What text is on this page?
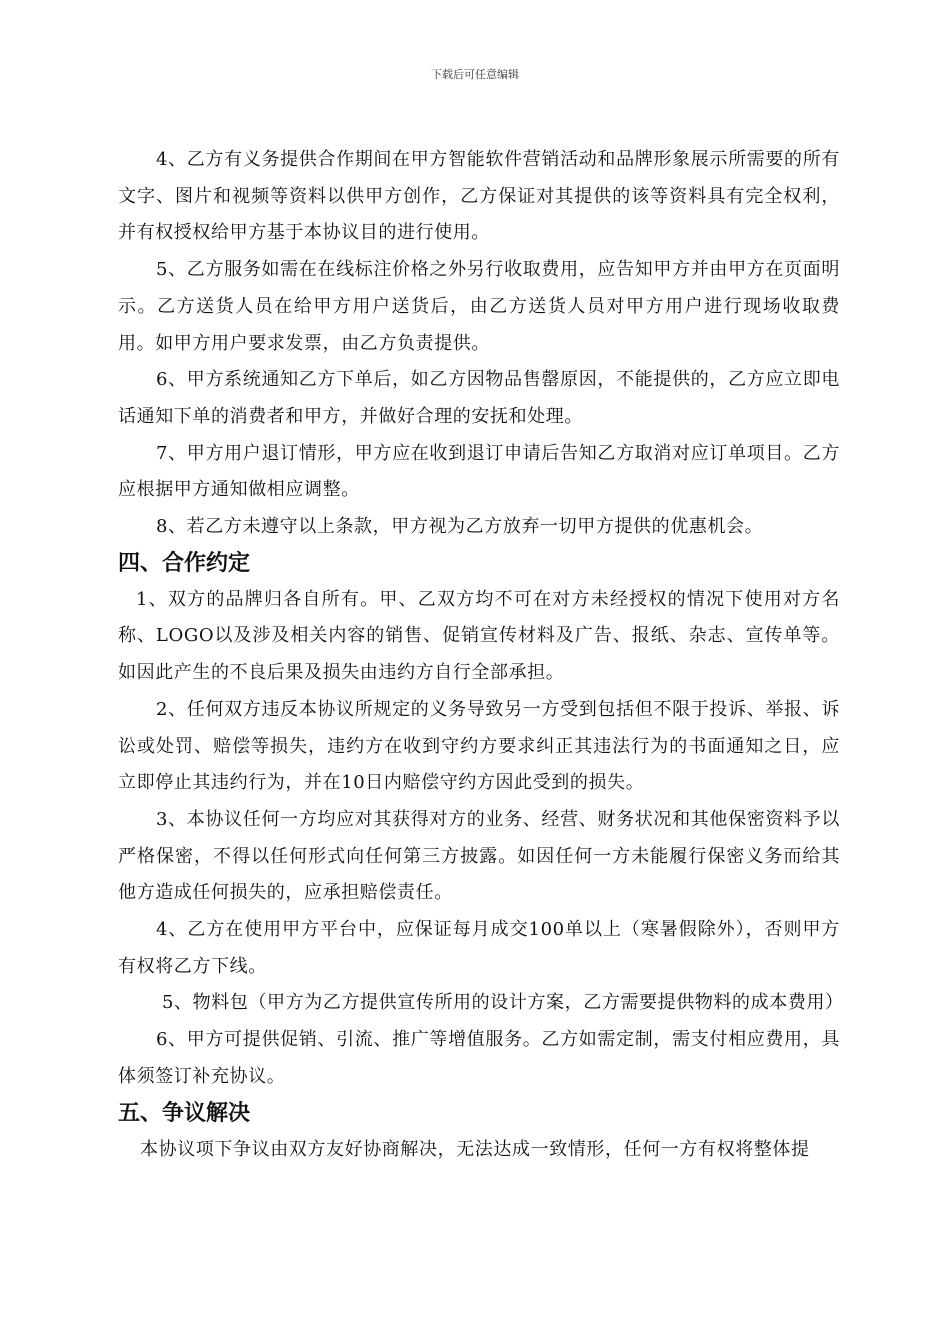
下载后可任意编辑

4、乙方有义务提供合作期间在甲方智能软件营销活动和品牌形象展示所需要的所有文字、图片和视频等资料以供甲方创作，乙方保证对其提供的该等资料具有完全权利，并有权授权给甲方基于本协议目的进行使用。

5、乙方服务如需在在线标注价格之外另行收取费用，应告知甲方并由甲方在页面明示。乙方送货人员在给甲方用户送货后，由乙方送货人员对甲方用户进行现场收取费用。如甲方用户要求发票，由乙方负责提供。

6、甲方系统通知乙方下单后，如乙方因物品售罄原因，不能提供的，乙方应立即电话通知下单的消费者和甲方，并做好合理的安抚和处理。

7、甲方用户退订情形，甲方应在收到退订申请后告知乙方取消对应订单项目。乙方应根据甲方通知做相应调整。

8、若乙方未遵守以上条款，甲方视为乙方放弃一切甲方提供的优惠机会。

四、合作约定

1、双方的品牌归各自所有。甲、乙双方均不可在对方未经授权的情况下使用对方名称、LOGO以及涉及相关内容的销售、促销宣传材料及广告、报纸、杂志、宣传单等。如因此产生的不良后果及损失由违约方自行全部承担。

2、任何双方违反本协议所规定的义务导致另一方受到包括但不限于投诉、举报、诉讼或处罚、赔偿等损失，违约方在收到守约方要求纠正其违法行为的书面通知之日，应立即停止其违约行为，并在10日内赔偿守约方因此受到的损失。

3、本协议任何一方均应对其获得对方的业务、经营、财务状况和其他保密资料予以严格保密，不得以任何形式向任何第三方披露。如因任何一方未能履行保密义务而给其他方造成任何损失的，应承担赔偿责任。

4、乙方在使用甲方平台中，应保证每月成交100单以上（寒暑假除外），否则甲方有权将乙方下线。

5、物料包（甲方为乙方提供宣传所用的设计方案，乙方需要提供物料的成本费用）

6、甲方可提供促销、引流、推广等增值服务。乙方如需定制，需支付相应费用，具体须签订补充协议。

五、争议解决

本协议项下争议由双方友好协商解决，无法达成一致情形，任何一方有权将整体提
